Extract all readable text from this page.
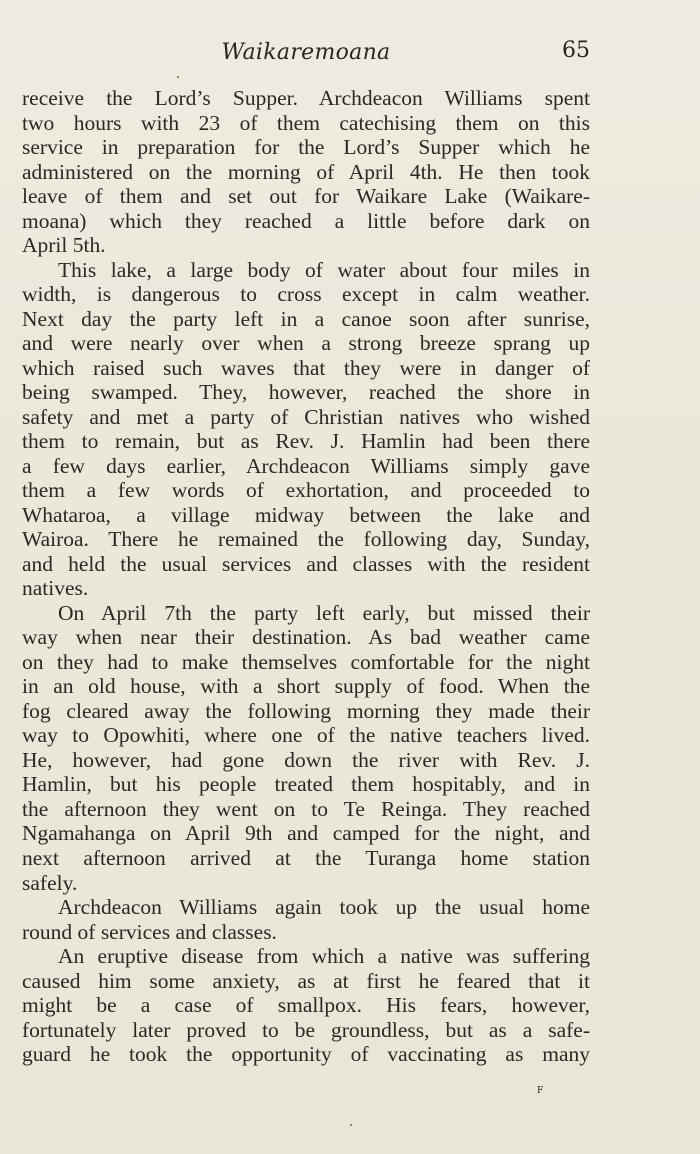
Waikaremoana	65
receive the Lord’s Supper. Archdeacon Williams spent
two hours with 23 of them catechising them on this
service in preparation for the Lord’s Supper which he
administered on the morning of April 4th. He then took
leave of them and set out for Waikare Lake (Waikare-
moana) which they reached a little before dark on
April 5th.
This lake, a large body of water about four miles in
width, is dangerous to cross except in calm weather.
Next day the party left in a canoe soon after sunrise,
and were nearly over when a strong breeze sprang up
which raised such waves that they were in danger of
being swamped. They, however, reached the shore in
safety and met a party of Christian natives who wished
them to remain, but as Rev. J. Hamlin had been there
a few days earlier, Archdeacon Williams simply gave
them a few words of exhortation, and proceeded to
Whataroa, a village midway between the lake and
Wairoa. There he remained the following day, Sunday,
and held the usual services and classes with the resident
natives.
On April 7th the party left early, but missed their
way when near their destination. As bad weather came
on they had to make themselves comfortable for the night
in an old house, with a short supply of food. When the
fog cleared away the following morning they made their
way to Opowhiti, where one of the native teachers lived.
He, however, had gone down the river with Rev. J.
Hamlin, but his people treated them hospitably, and in
the afternoon they went on to Te Reinga. They reached
Ngamahanga on April 9th and camped for the night, and
next afternoon arrived at the Turanga home station
safely.
Archdeacon Williams again took up the usual home
round of services and classes.
An eruptive disease from which a native was suffering
caused him some anxiety, as at first he feared that it
might be a case of smallpox. His fears, however,
fortunately later proved to be groundless, but as a safe-
guard he took the opportunity of vaccinating as many
F
